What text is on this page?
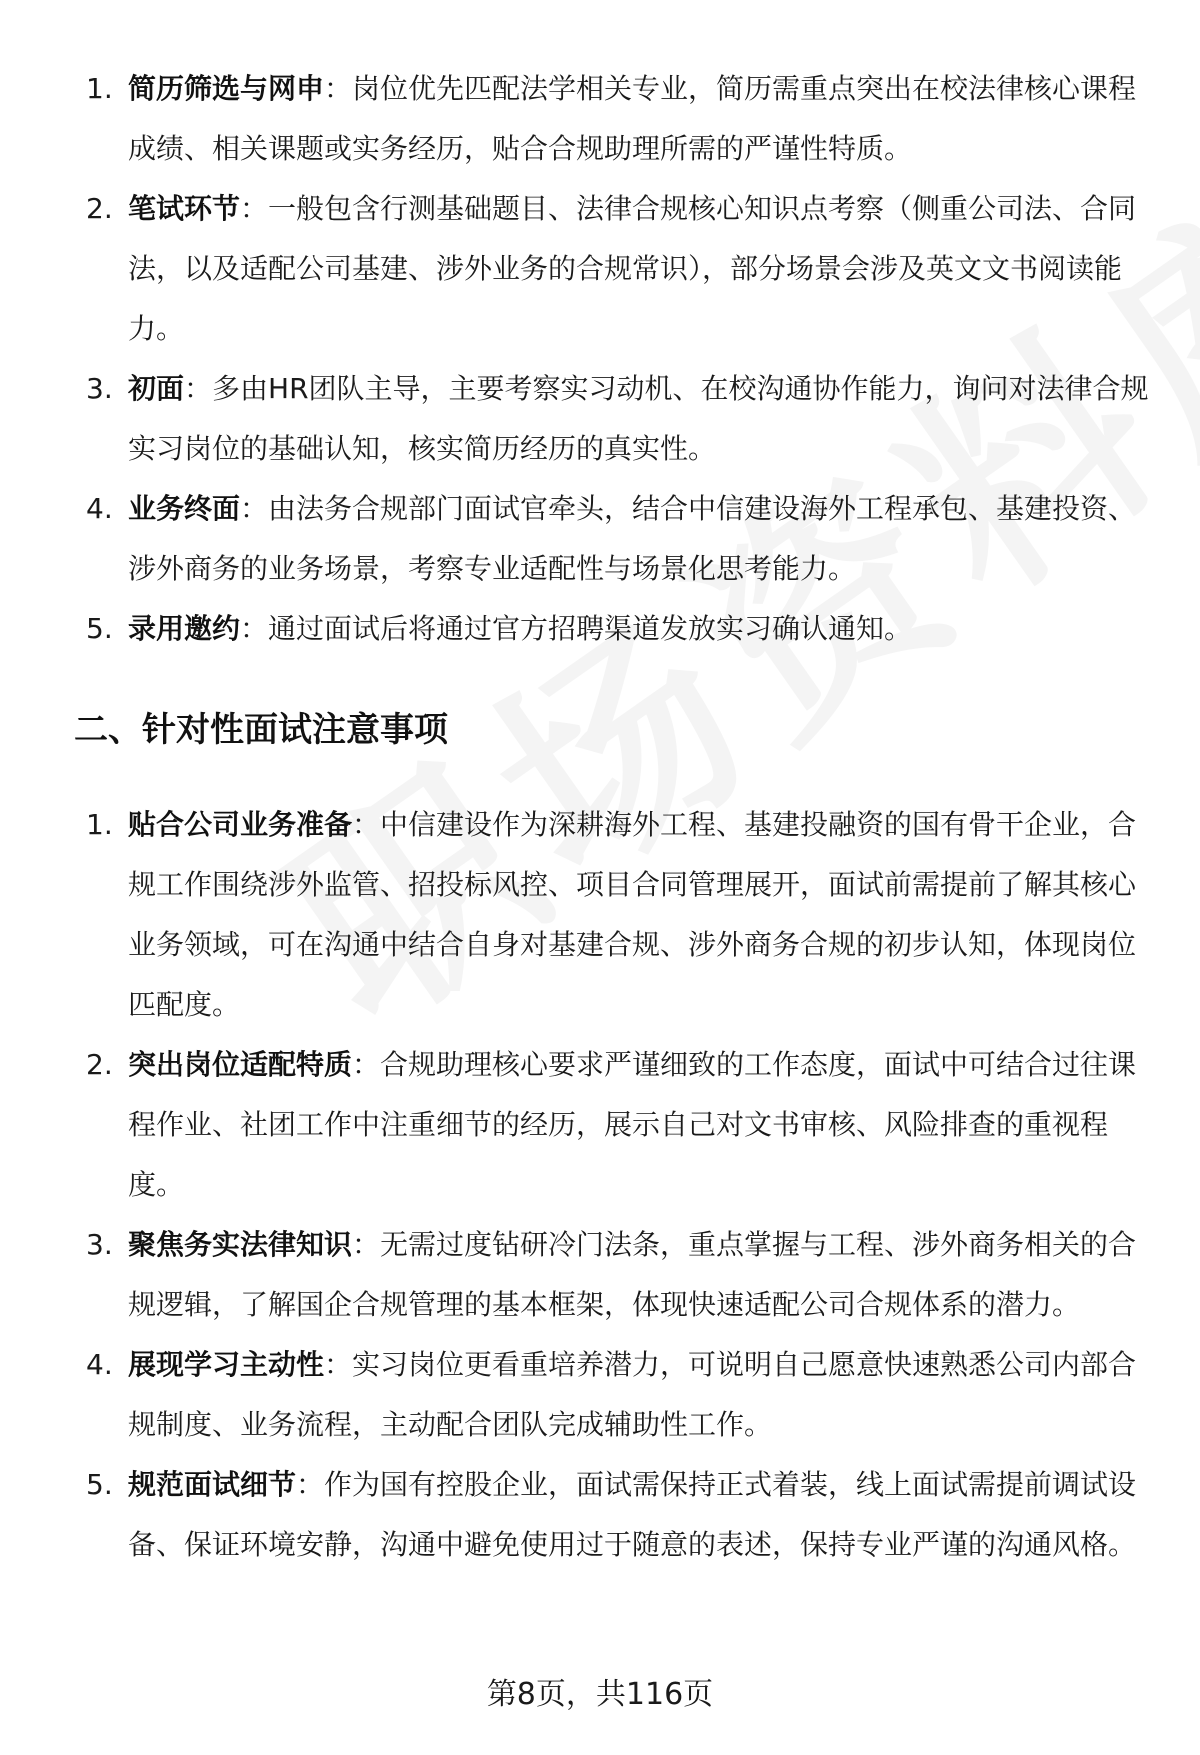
1. 简历筛选与网申：岗位优先匹配法学相关专业，简历需重点突出在校法律核心课程成绩、相关课题或实务经历，贴合合规助理所需的严谨性特质。
2. 笔试环节：一般包含行测基础题目、法律合规核心知识点考察（侧重公司法、合同法，以及适配公司基建、涉外业务的合规常识），部分场景会涉及英文文书阅读能力。
3. 初面：多由HR团队主导，主要考察实习动机、在校沟通协作能力，询问对法律合规实习岗位的基础认知，核实简历经历的真实性。
4. 业务终面：由法务合规部门面试官牵头，结合中信建设海外工程承包、基建投资、涉外商务的业务场景，考察专业适配性与场景化思考能力。
5. 录用邀约：通过面试后将通过官方招聘渠道发放实习确认通知。
二、针对性面试注意事项
1. 贴合公司业务准备：中信建设作为深耕海外工程、基建投融资的国有骨干企业，合规工作围绕涉外监管、招投标风控、项目合同管理展开，面试前需提前了解其核心业务领域，可在沟通中结合自身对基建合规、涉外商务合规的初步认知，体现岗位匹配度。
2. 突出岗位适配特质：合规助理核心要求严谨细致的工作态度，面试中可结合过往课程作业、社团工作中注重细节的经历，展示自己对文书审核、风险排查的重视程度。
3. 聚焦务实法律知识：无需过度钻研冷门法条，重点掌握与工程、涉外商务相关的合规逻辑，了解国企合规管理的基本框架，体现快速适配公司合规体系的潜力。
4. 展现学习主动性：实习岗位更看重培养潜力，可说明自己愿意快速熟悉公司内部合规制度、业务流程，主动配合团队完成辅助性工作。
5. 规范面试细节：作为国有控股企业，面试需保持正式着装，线上面试需提前调试设备、保证环境安静，沟通中避免使用过于随意的表述，保持专业严谨的沟通风格。
第8页，共116页
